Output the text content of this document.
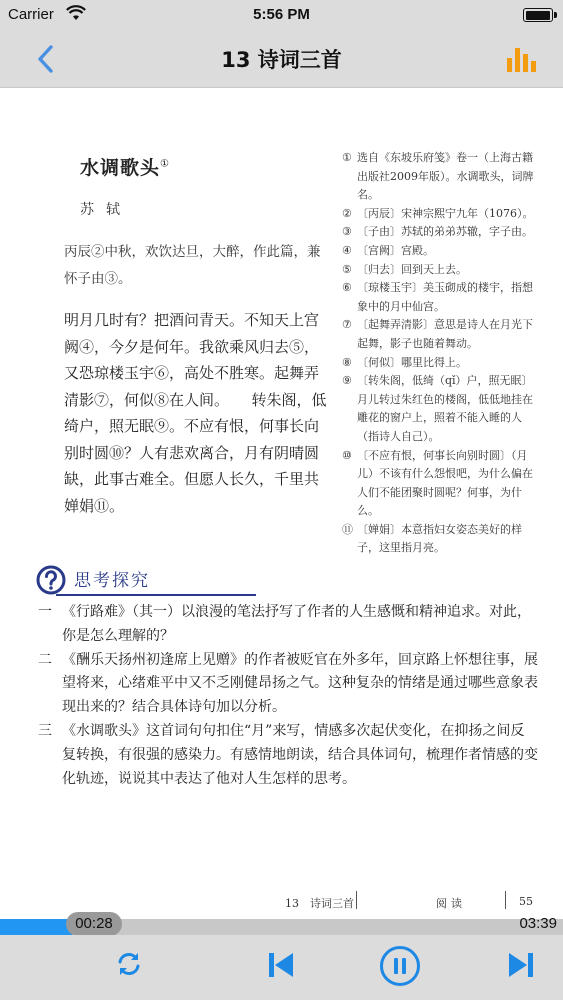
Carrier	5:56 PM
13 诗词三首
水调歌头①
苏轼
丙辰②中秋，欢饮达旦，大醉，作此篇，兼怀子由③。

明月几时有？把酒问青天。不知天上宫阙④，今夕是何年。我欲乘风归去⑤，又恐琼楼玉宇⑥，高处不胜寒。起舞弄清影⑦，何似⑧在人间。　　转朱阁，低绮户，照无眠⑨。不应有恨，何事长向别时圆⑩？人有悲欢离合，月有阴晴圆缺，此事古难全。但愿人长久，千里共婵娟⑪。

① 选自《东坡乐府笺》卷一（上海古籍出版社2009年版）。水调歌头，词牌名。
② 〔丙辰〕宋神宗熙宁九年（1076）。
③ 〔子由〕苏轼的弟弟苏辙，字子由。
④ 〔宫阙〕宫殿。
⑤ 〔归去〕回到天上去。
⑥ 〔琼楼玉宇〕美玉砌成的楼宇，指想象中的月中仙宫。
⑦ 〔起舞弄清影〕意思是诗人在月光下起舞，影子也随着舞动。
⑧ 〔何似〕哪里比得上。
⑨ 〔转朱阁，低绮（qǐ）户，照无眠〕月儿转过朱红色的楼阁，低低地挂在雕花的窗户上，照着不能入睡的人（指诗人自己）。
⑩ 〔不应有恨，何事长向别时圆〕（月儿）不该有什么怨恨吧，为什么偏在人们不能团聚时圆呢？何事，为什么。
⑪ 〔婵娟〕本意指妇女姿态美好的样子，这里指月亮。
思考探究
一 《行路难》（其一）以浪漫的笔法抒写了作者的人生感慨和精神追求。对此，你是怎么理解的？
二 《酬乐天扬州初逢席上见赠》的作者被贬官在外多年，回京路上怀想往事，展望将来，心绪难平中又不乏刚健昂扬之气。这种复杂的情绪是通过哪些意象表现出来的？结合具体诗句加以分析。
三 《水调歌头》这首词句句扣住“月”来写，情感多次起伏变化，在抑扬之间反复转换，有很强的感染力。有感情地朗读，结合具体词句，梳理作者情感的变化轨迹，说说其中表达了他对人生怎样的思考。
13　诗词三首	阅读	55
00:28	03:39
